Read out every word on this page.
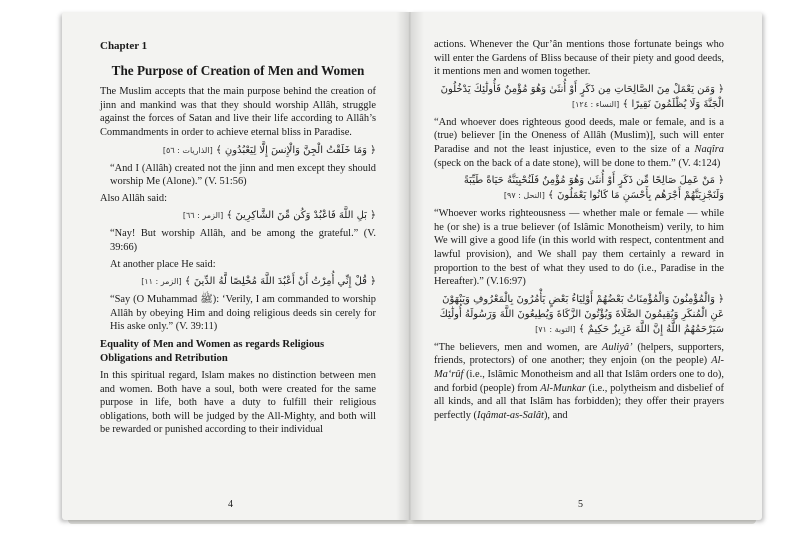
Chapter 1
The Purpose of Creation of Men and Women

The Muslim accepts that the main purpose behind the creation of jinn and mankind was that they should worship Allâh, struggle against the forces of Satan and live their life according to Allâh’s Commandments in order to achieve eternal bliss in Paradise.

﴿ وَمَا خَلَقْتُ الْجِنَّ وَالْإِنسَ إِلَّا لِيَعْبُدُونِ ﴾ [الذاريات : ٥٦]

“And I (Allâh) created not the jinn and men except they should worship Me (Alone).” (V. 51:56)

Also Allâh said:

﴿ بَلِ اللَّهَ فَاعْبُدْ وَكُن مِّنَ الشَّاكِرِينَ ﴾ [الزمر : ٦٦]

“Nay! But worship Allâh, and be among the grateful.” (V. 39:66)

At another place He said:

﴿ قُلْ إِنِّي أُمِرْتُ أَنْ أَعْبُدَ اللَّهَ مُخْلِصًا لَّهُ الدِّينَ ﴾ [الزمر : ١١]

“Say (O Muhammad ﷺ): ‘Verily, I am commanded to worship Allâh by obeying Him and doing religious deeds sin cerely for His aske only.” (V. 39:11)

Equality of Men and Women as regards Religious Obligations and Retribution

In this spiritual regard, Islam makes no distinction between men and women. Both have a soul, both were created for the same purpose in life, both have a duty to fulfill their religious obligations, both will be judged by the All-Mighty, and both will be rewarded or punished according to their individual

4

actions. Whenever the Qur’ân mentions those fortunate beings who will enter the Gardens of Bliss because of their piety and good deeds, it mentions men and women together.

﴿ وَمَن يَعْمَلْ مِنَ الصَّالِحَاتِ مِن ذَكَرٍ أَوْ أُنثَىٰ وَهُوَ مُؤْمِنٌ فَأُولَٰئِكَ يَدْخُلُونَ الْجَنَّةَ وَلَا يُظْلَمُونَ نَقِيرًا ﴾ [النساء : ١٢٤]

“And whoever does righteous good deeds, male or female, and is a (true) believer [in the Oneness of Allâh (Muslim)], such will enter Paradise and not the least injustice, even to the size of a Naqîra (speck on the back of a date stone), will be done to them.” (V. 4:124)

﴿ مَنْ عَمِلَ صَالِحًا مِّن ذَكَرٍ أَوْ أُنثَىٰ وَهُوَ مُؤْمِنٌ فَلَنُحْيِيَنَّهُ حَيَاةً طَيِّبَةً وَلَنَجْزِيَنَّهُمْ أَجْرَهُم بِأَحْسَنِ مَا كَانُوا يَعْمَلُونَ ﴾ [النحل : ٩٧]

“Whoever works righteousness — whether male or female — while he (or she) is a true believer (of Islâmic Monotheism) verily, to him We will give a good life (in this world with respect, contentment and lawful provision), and We shall pay them certainly a reward in proportion to the best of what they used to do (i.e., Paradise in the Hereafter).” (V.16:97)

﴿ وَالْمُؤْمِنُونَ وَالْمُؤْمِنَاتُ بَعْضُهُمْ أَوْلِيَاءُ بَعْضٍ يَأْمُرُونَ بِالْمَعْرُوفِ وَيَنْهَوْنَ عَنِ الْمُنكَرِ وَيُقِيمُونَ الصَّلَاةَ وَيُؤْتُونَ الزَّكَاةَ وَيُطِيعُونَ اللَّهَ وَرَسُولَهُ أُولَٰئِكَ سَيَرْحَمُهُمُ اللَّهُ إِنَّ اللَّهَ عَزِيزٌ حَكِيمٌ ﴾ [التوبة : ٧١]

“The believers, men and women, are Auliyâ’ (helpers, supporters, friends, protectors) of one another; they enjoin (on the people) Al-Ma‘rûf (i.e., Islâmic Monotheism and all that Islâm orders one to do), and forbid (people) from Al-Munkar (i.e., polytheism and disbelief of all kinds, and all that Islâm has forbidden); they offer their prayers perfectly (Iqâmat-as-Salât), and

5
